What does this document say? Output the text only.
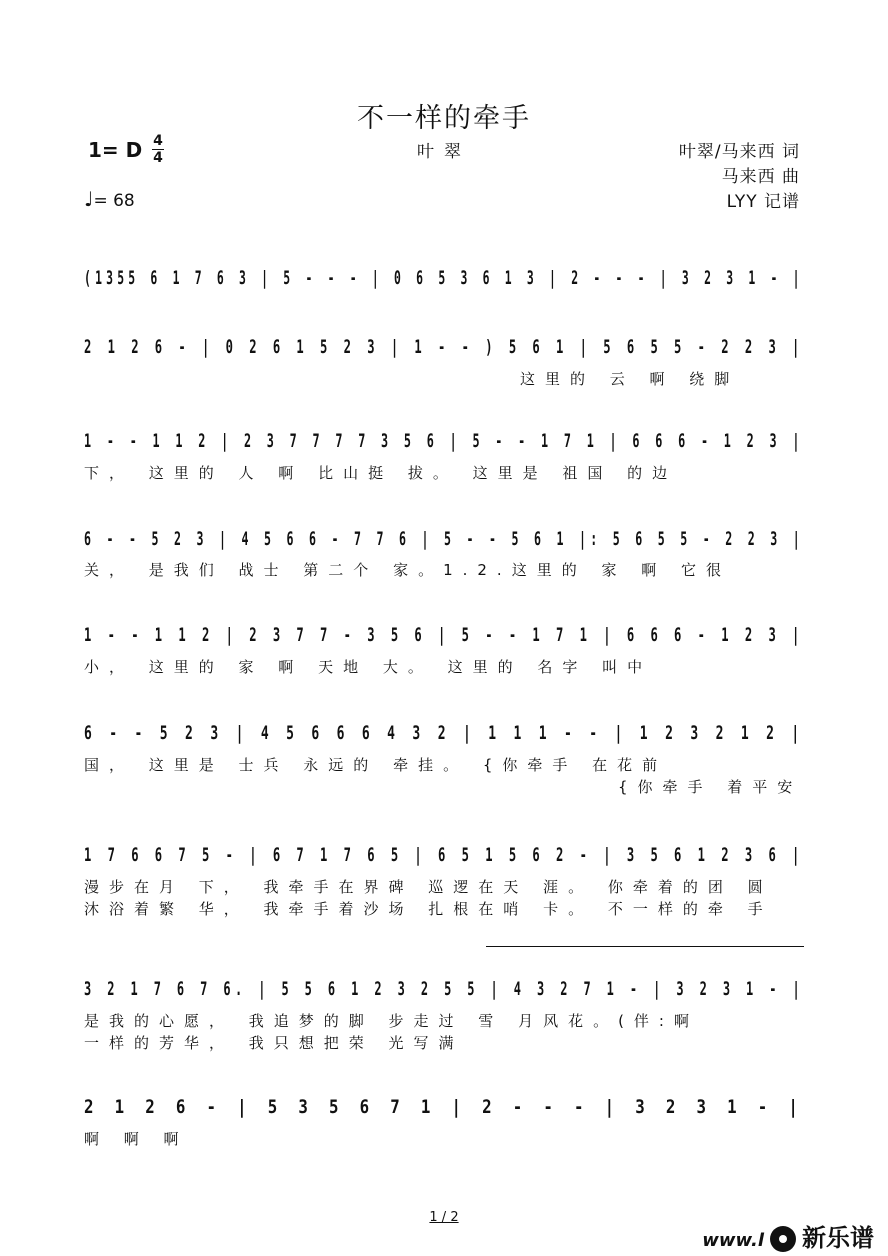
不一样的牵手
1= D 4
4	叶翠	叶翠/马来西 词
马来西 曲
LYY 记谱
♩= 68
(1355 6 1 7 6 3 | 5 - - - | 0 6 5 3 6 1 3 | 2 - - - | 3 2 3 1 - |
2 1 2 6 - | 0 2 6 1 5 2 3 | 1 - - ) 5 6 1 | 5 6 5 5 - 2 2 3 |
这里的 云 啊 绕脚
1 - - 1 1 2 | 2 3 7 7 7 7 3 5 6 | 5 - - 1 7 1 | 6 6 6 - 1 2 3 |
下， 这里的 人 啊 比山挺 拔。 这里是 祖国 的边
6 - - 5 2 3 | 4 5 6 6 - 7 7 6 | 5 - - 5 6 1 |: 5 6 5 5 - 2 2 3 |
关， 是我们 战士 第二个 家。1.2.这里的 家 啊 它很
1 - - 1 1 2 | 2 3 7 7 - 3 5 6 | 5 - - 1 7 1 | 6 6 6 - 1 2 3 |
小， 这里的 家 啊 天地 大。 这里的 名字 叫中
6 - - 5 2 3 | 4 5 6 6 6 4 3 2 | 1 1 1 - - | 1 2 3 2 1 2 |
国， 这里是 士兵 永远的 牵挂。 {你牵手 在花前
{你牵手 着平安
1 7 6 6 7 5 - | 6 7 1 7 6 5 | 6 5 1 5 6 2 - | 3 5 6 1 2 3 6 |
漫步在月 下， 我牵手在界碑 巡逻在天 涯。 你牵着的团 圆
沐浴着繁 华， 我牵手着沙场 扎根在哨 卡。 不一样的牵 手
3 2 1 7 6 7 6. | 5 5 6 1 2 3 2 5 5 | 4 3 2 7 1 - | 3 2 3 1 - |
是我的心愿， 我追梦的脚 步走过 雪 月风花。(伴:啊
一样的芳华， 我只想把荣 光写满
2 1 2 6 - | 5 3 5 6 7 1 | 2 - - - | 3 2 3 1 - |
啊 啊 啊
1 / 2
www.l 新乐谱
